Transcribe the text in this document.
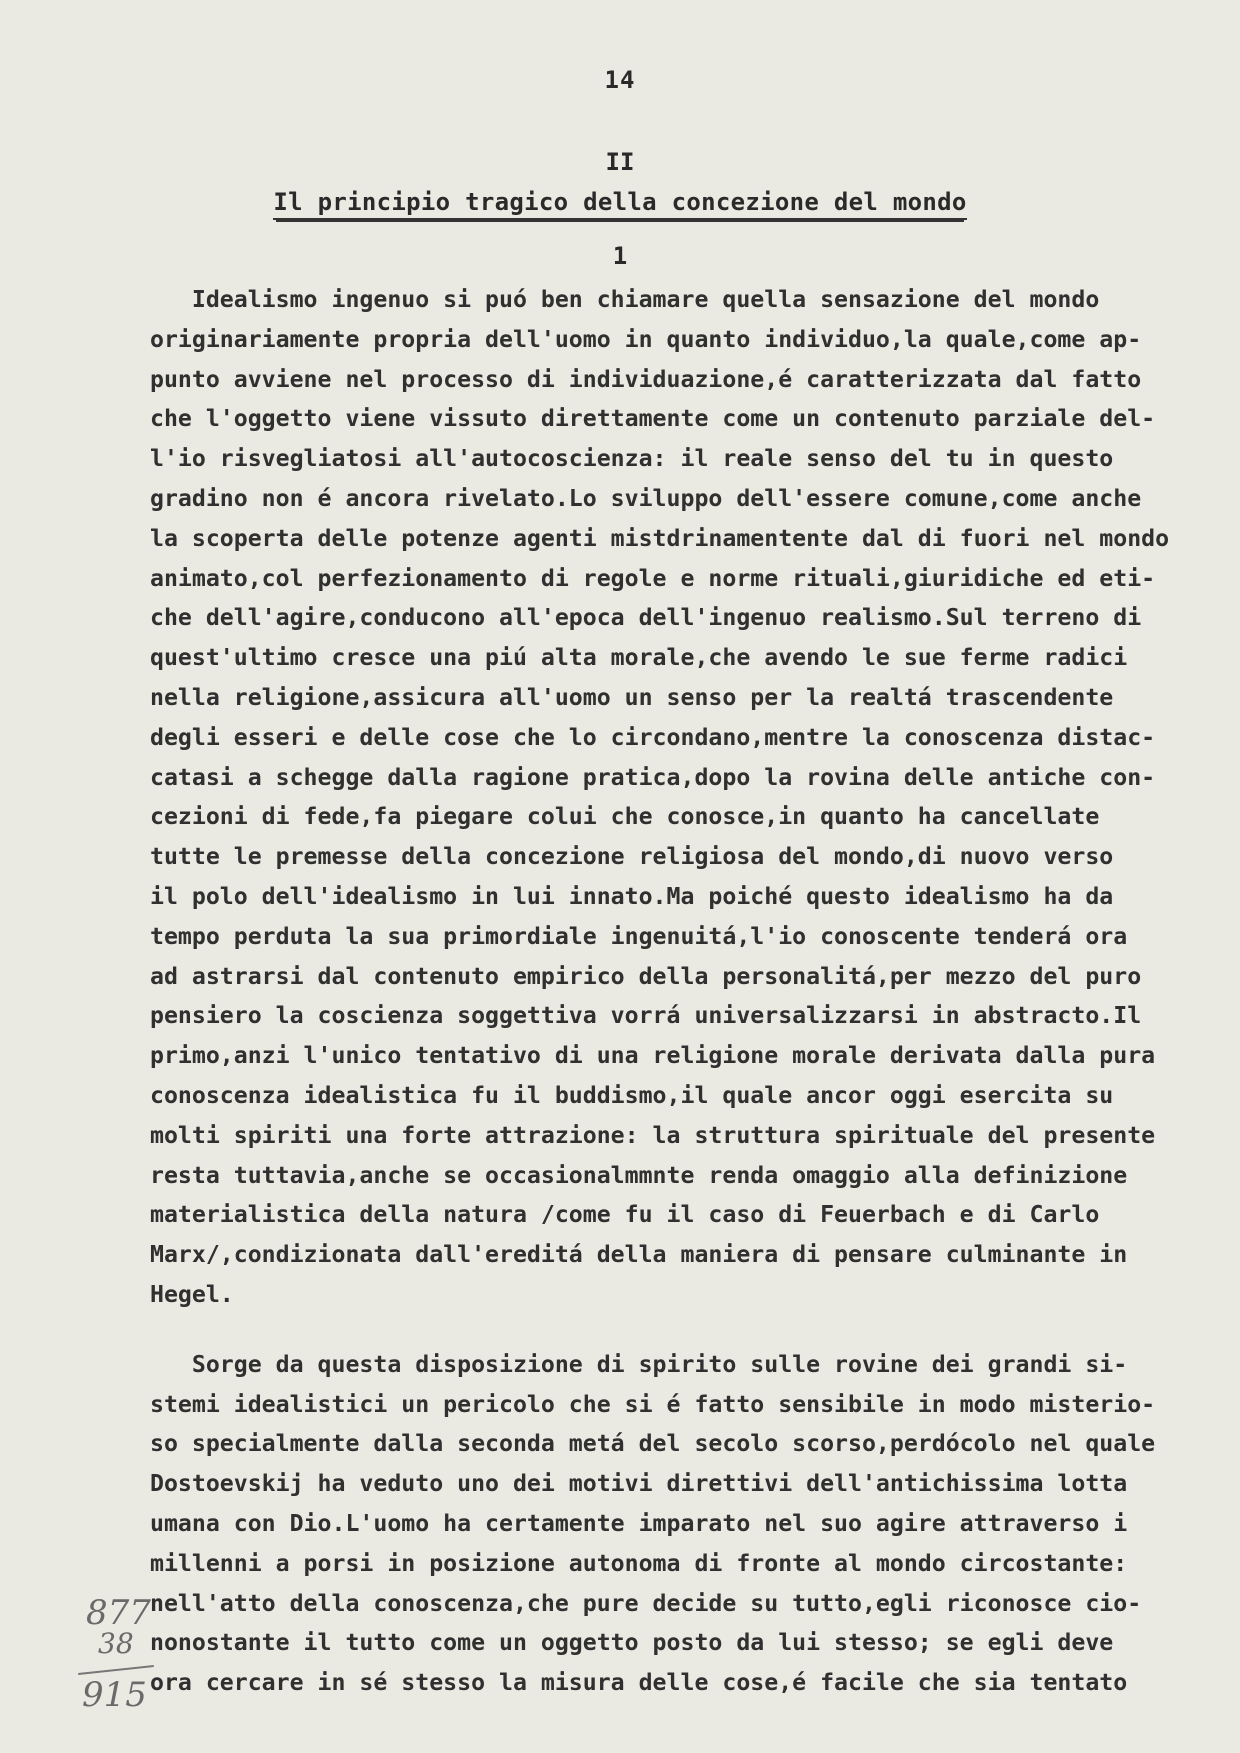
14
II
Il principio tragico della concezione del mondo
1
Idealismo ingenuo si puó ben chiamare quella sensazione del mondo
originariamente propria dell'uomo in quanto individuo,la quale,come ap-
punto avviene nel processo di individuazione,é caratterizzata dal fatto
che l'oggetto viene vissuto direttamente come un contenuto parziale del-
l'io risvegliatosi all'autocoscienza: il reale senso del tu in questo
gradino non é ancora rivelato.Lo sviluppo dell'essere comune,come anche
la scoperta delle potenze agenti mistdrinamentente dal di fuori nel mondo
animato,col perfezionamento di regole e norme rituali,giuridiche ed eti-
che dell'agire,conducono all'epoca dell'ingenuo realismo.Sul terreno di
quest'ultimo cresce una piú alta morale,che avendo le sue ferme radici
nella religione,assicura all'uomo un senso per la realtá trascendente
degli esseri e delle cose che lo circondano,mentre la conoscenza distac-
catasi a schegge dalla ragione pratica,dopo la rovina delle antiche con-
cezioni di fede,fa piegare colui che conosce,in quanto ha cancellate
tutte le premesse della concezione religiosa del mondo,di nuovo verso
il polo dell'idealismo in lui innato.Ma poiché questo idealismo ha da
tempo perduta la sua primordiale ingenuitá,l'io conoscente tenderá ora
ad astrarsi dal contenuto empirico della personalitá,per mezzo del puro
pensiero la coscienza soggettiva vorrá universalizzarsi in abstracto.Il
primo,anzi l'unico tentativo di una religione morale derivata dalla pura
conoscenza idealistica fu il buddismo,il quale ancor oggi esercita su
molti spiriti una forte attrazione: la struttura spirituale del presente
resta tuttavia,anche se occasionalmmnte renda omaggio alla definizione
materialistica della natura /come fu il caso di Feuerbach e di Carlo
Marx/,condizionata dall'ereditá della maniera di pensare culminante in
Hegel.
Sorge da questa disposizione di spirito sulle rovine dei grandi si-
stemi idealistici un pericolo che si é fatto sensibile in modo misterio-
so specialmente dalla seconda metá del secolo scorso,perdócolo nel quale
Dostoevskij ha veduto uno dei motivi direttivi dell'antichissima lotta
umana con Dio.L'uomo ha certamente imparato nel suo agire attraverso i
millenni a porsi in posizione autonoma di fronte al mondo circostante:
nell'atto della conoscenza,che pure decide su tutto,egli riconosce cio-
nonostante il tutto come un oggetto posto da lui stesso; se egli deve
ora cercare in sé stesso la misura delle cose,é facile che sia tentato
877
38
915
